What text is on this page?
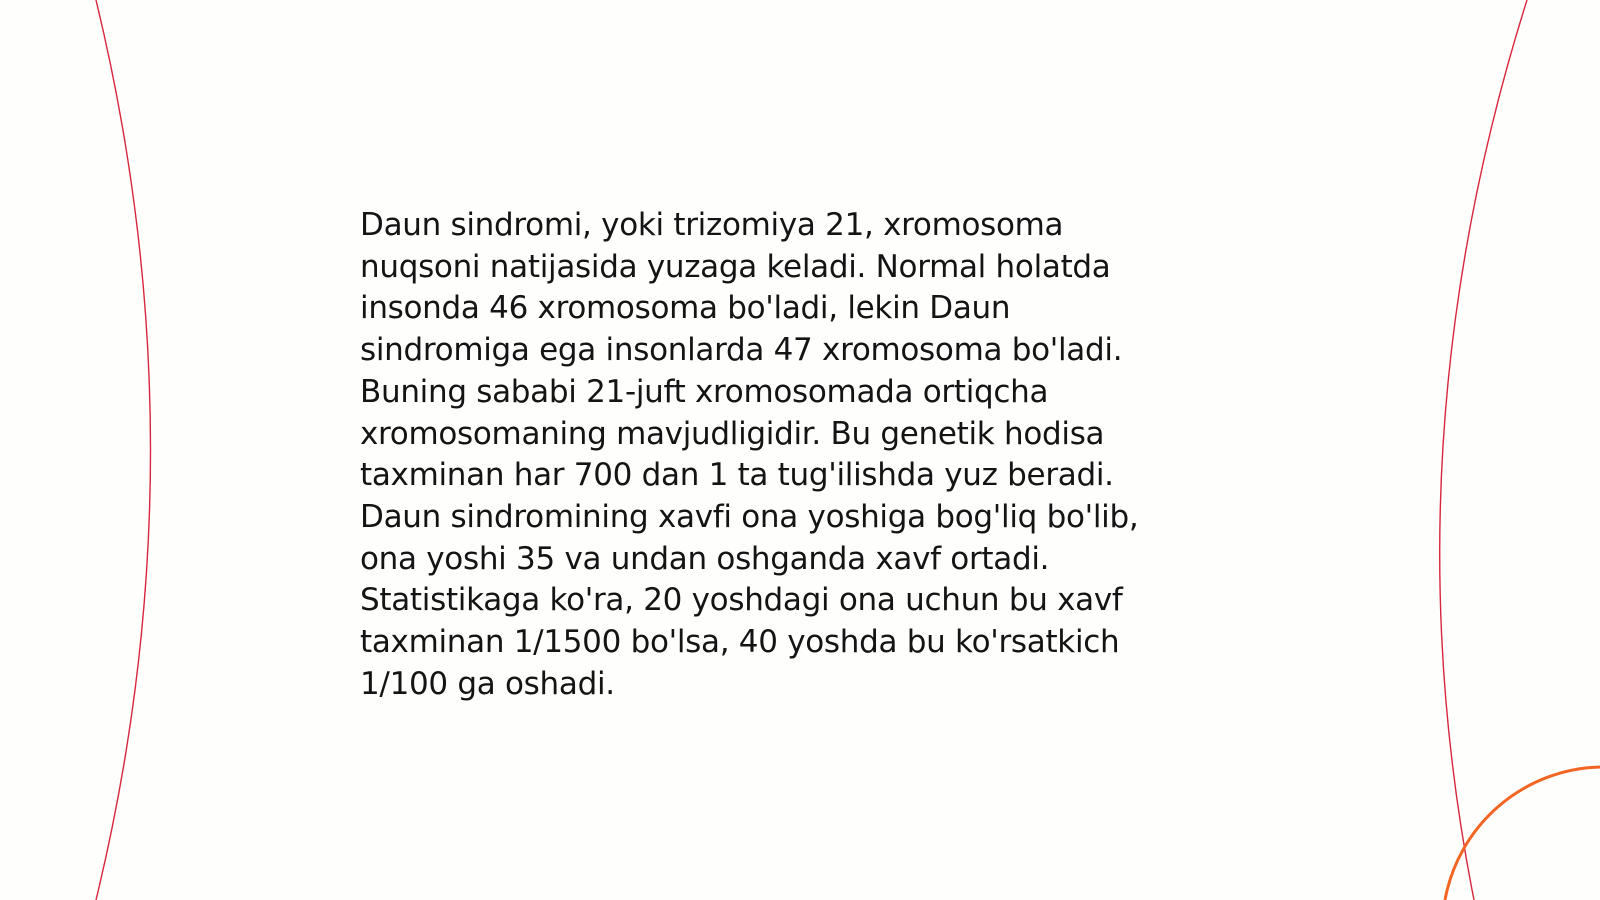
Daun sindromi, yoki trizomiya 21, xromosoma
nuqsoni natijasida yuzaga keladi. Normal holatda
insonda 46 xromosoma bo'ladi, lekin Daun
sindromiga ega insonlarda 47 xromosoma bo'ladi.
Buning sababi 21-juft xromosomada ortiqcha
xromosomaning mavjudligidir. Bu genetik hodisa
taxminan har 700 dan 1 ta tug'ilishda yuz beradi.
Daun sindromining xavfi ona yoshiga bog'liq bo'lib,
ona yoshi 35 va undan oshganda xavf ortadi.
Statistikaga ko'ra, 20 yoshdagi ona uchun bu xavf
taxminan 1/1500 bo'lsa, 40 yoshda bu ko'rsatkich
1/100 ga oshadi.
